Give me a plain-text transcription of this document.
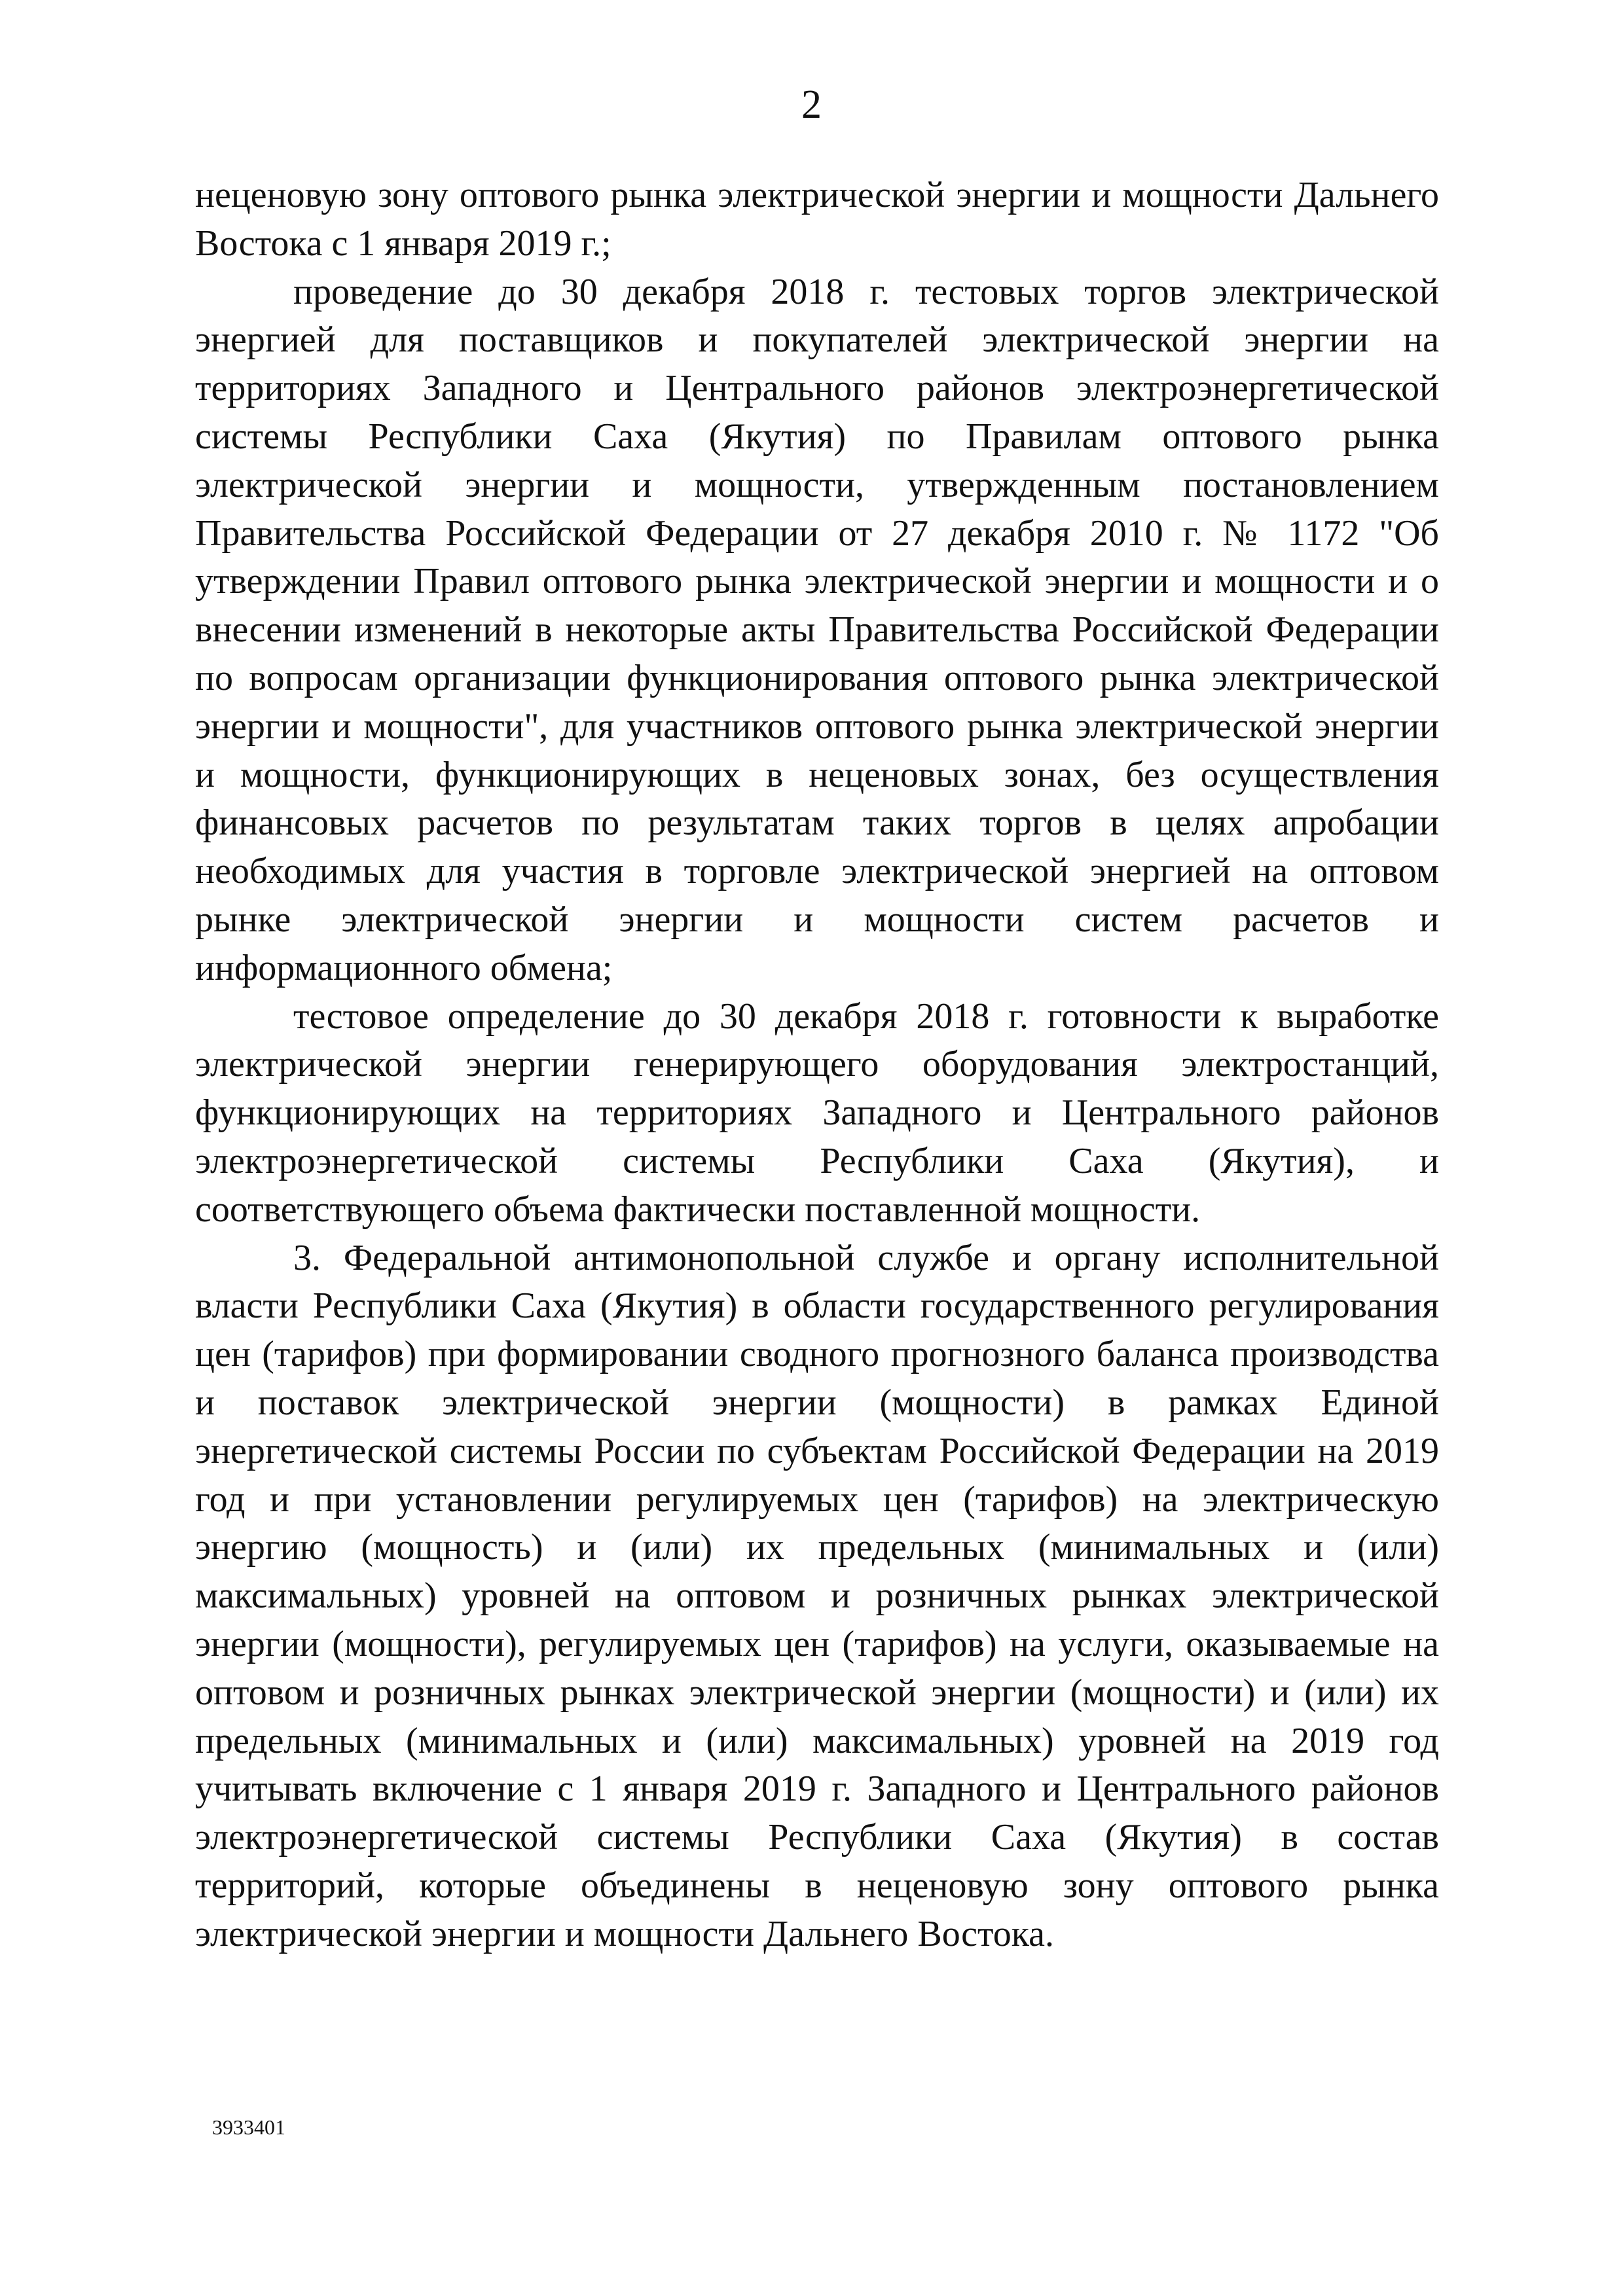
2

неценовую зону оптового рынка электрической энергии и мощности Дальнего Востока с 1 января 2019 г.;

проведение до 30 декабря 2018 г. тестовых торгов электрической энергией для поставщиков и покупателей электрической энергии на территориях Западного и Центрального районов электроэнергетической системы Республики Саха (Якутия) по Правилам оптового рынка электрической энергии и мощности, утвержденным постановлением Правительства Российской Федерации от 27 декабря 2010 г. № 1172 "Об утверждении Правил оптового рынка электрической энергии и мощности и о внесении изменений в некоторые акты Правительства Российской Федерации по вопросам организации функционирования оптового рынка электрической энергии и мощности", для участников оптового рынка электрической энергии и мощности, функционирующих в неценовых зонах, без осуществления финансовых расчетов по результатам таких торгов в целях апробации необходимых для участия в торговле электрической энергией на оптовом рынке электрической энергии и мощности систем расчетов и информационного обмена;

тестовое определение до 30 декабря 2018 г. готовности к выработке электрической энергии генерирующего оборудования электростанций, функционирующих на территориях Западного и Центрального районов электроэнергетической системы Республики Саха (Якутия), и соответствующего объема фактически поставленной мощности.

3. Федеральной антимонопольной службе и органу исполнительной власти Республики Саха (Якутия) в области государственного регулирования цен (тарифов) при формировании сводного прогнозного баланса производства и поставок электрической энергии (мощности) в рамках Единой энергетической системы России по субъектам Российской Федерации на 2019 год и при установлении регулируемых цен (тарифов) на электрическую энергию (мощность) и (или) их предельных (минимальных и (или) максимальных) уровней на оптовом и розничных рынках электрической энергии (мощности), регулируемых цен (тарифов) на услуги, оказываемые на оптовом и розничных рынках электрической энергии (мощности) и (или) их предельных (минимальных и (или) максимальных) уровней на 2019 год учитывать включение с 1 января 2019 г. Западного и Центрального районов электроэнергетической системы Республики Саха (Якутия) в состав территорий, которые объединены в неценовую зону оптового рынка электрической энергии и мощности Дальнего Востока.

3933401
